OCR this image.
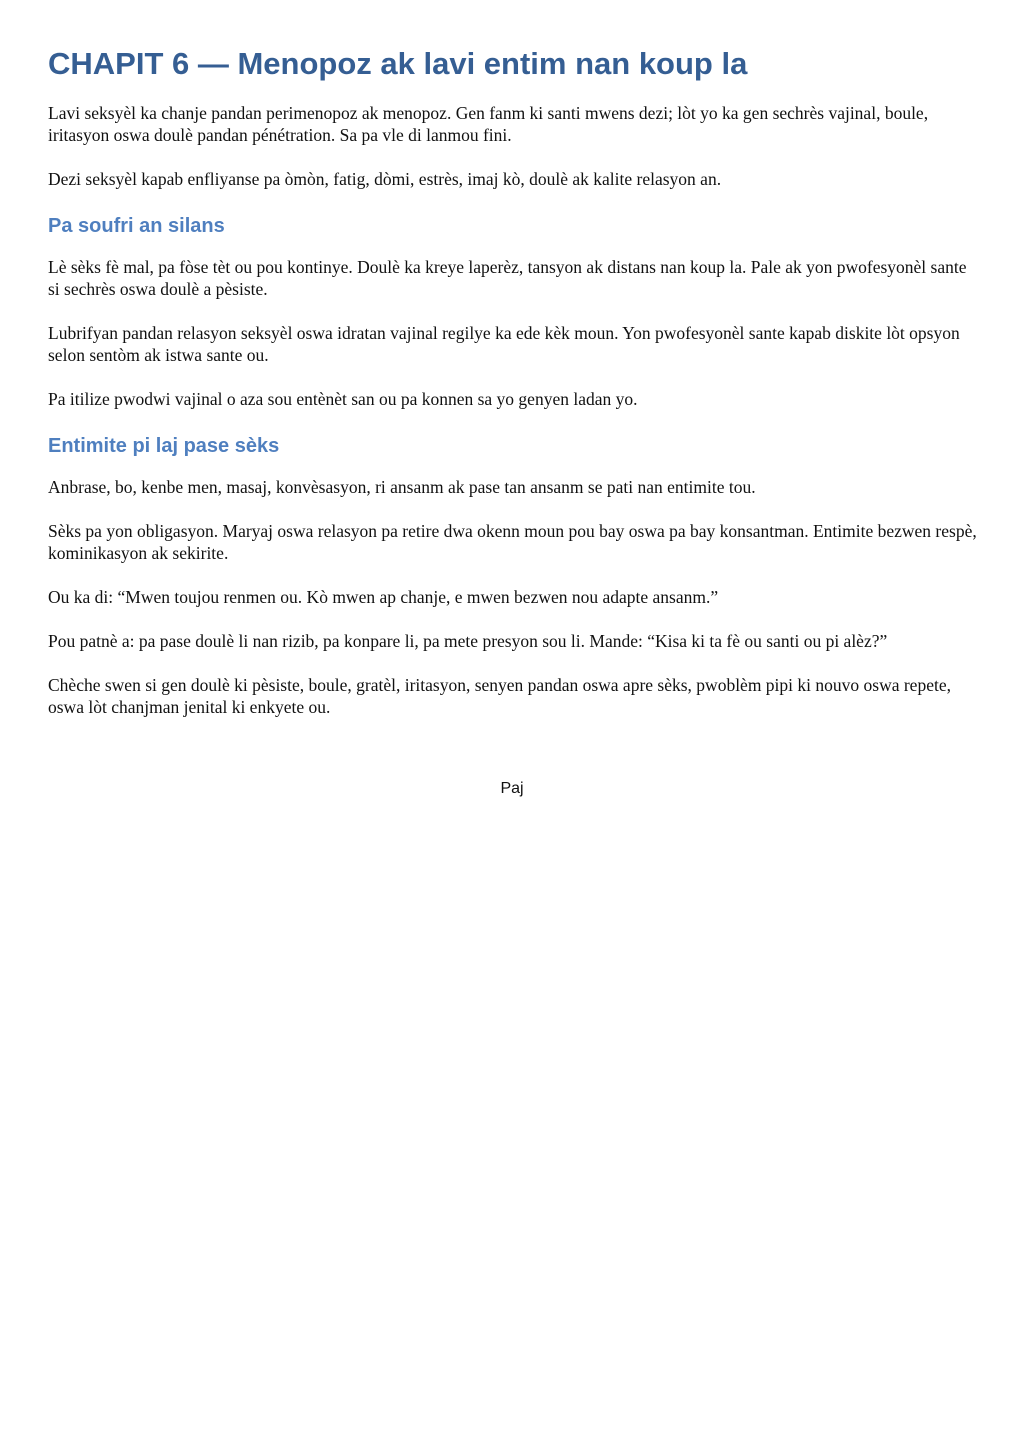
CHAPIT 6 — Menopoz ak lavi entim nan koup la

Lavi seksyèl ka chanje pandan perimenopoz ak menopoz. Gen fanm ki santi mwens dezi; lòt yo ka gen sechrès vajinal, boule, iritasyon oswa doulè pandan pénétration. Sa pa vle di lanmou fini.

Dezi seksyèl kapab enfliyanse pa òmòn, fatig, dòmi, estrès, imaj kò, doulè ak kalite relasyon an.

Pa soufri an silans

Lè sèks fè mal, pa fòse tèt ou pou kontinye. Doulè ka kreye laperèz, tansyon ak distans nan koup la. Pale ak yon pwofesyonèl sante si sechrès oswa doulè a pèsiste.

Lubrifyan pandan relasyon seksyèl oswa idratan vajinal regilye ka ede kèk moun. Yon pwofesyonèl sante kapab diskite lòt opsyon selon sentòm ak istwa sante ou.

Pa itilize pwodwi vajinal o aza sou entènèt san ou pa konnen sa yo genyen ladan yo.

Entimite pi laj pase sèks

Anbrase, bo, kenbe men, masaj, konvèsasyon, ri ansanm ak pase tan ansanm se pati nan entimite tou.

Sèks pa yon obligasyon. Maryaj oswa relasyon pa retire dwa okenn moun pou bay oswa pa bay konsantman. Entimite bezwen respè, kominikasyon ak sekirite.

Ou ka di: “Mwen toujou renmen ou. Kò mwen ap chanje, e mwen bezwen nou adapte ansanm.”

Pou patnè a: pa pase doulè li nan rizib, pa konpare li, pa mete presyon sou li. Mande: “Kisa ki ta fè ou santi ou pi alèz?”

Chèche swen si gen doulè ki pèsiste, boule, gratèl, iritasyon, senyen pandan oswa apre sèks, pwoblèm pipi ki nouvo oswa repete, oswa lòt chanjman jenital ki enkyete ou.

Paj
